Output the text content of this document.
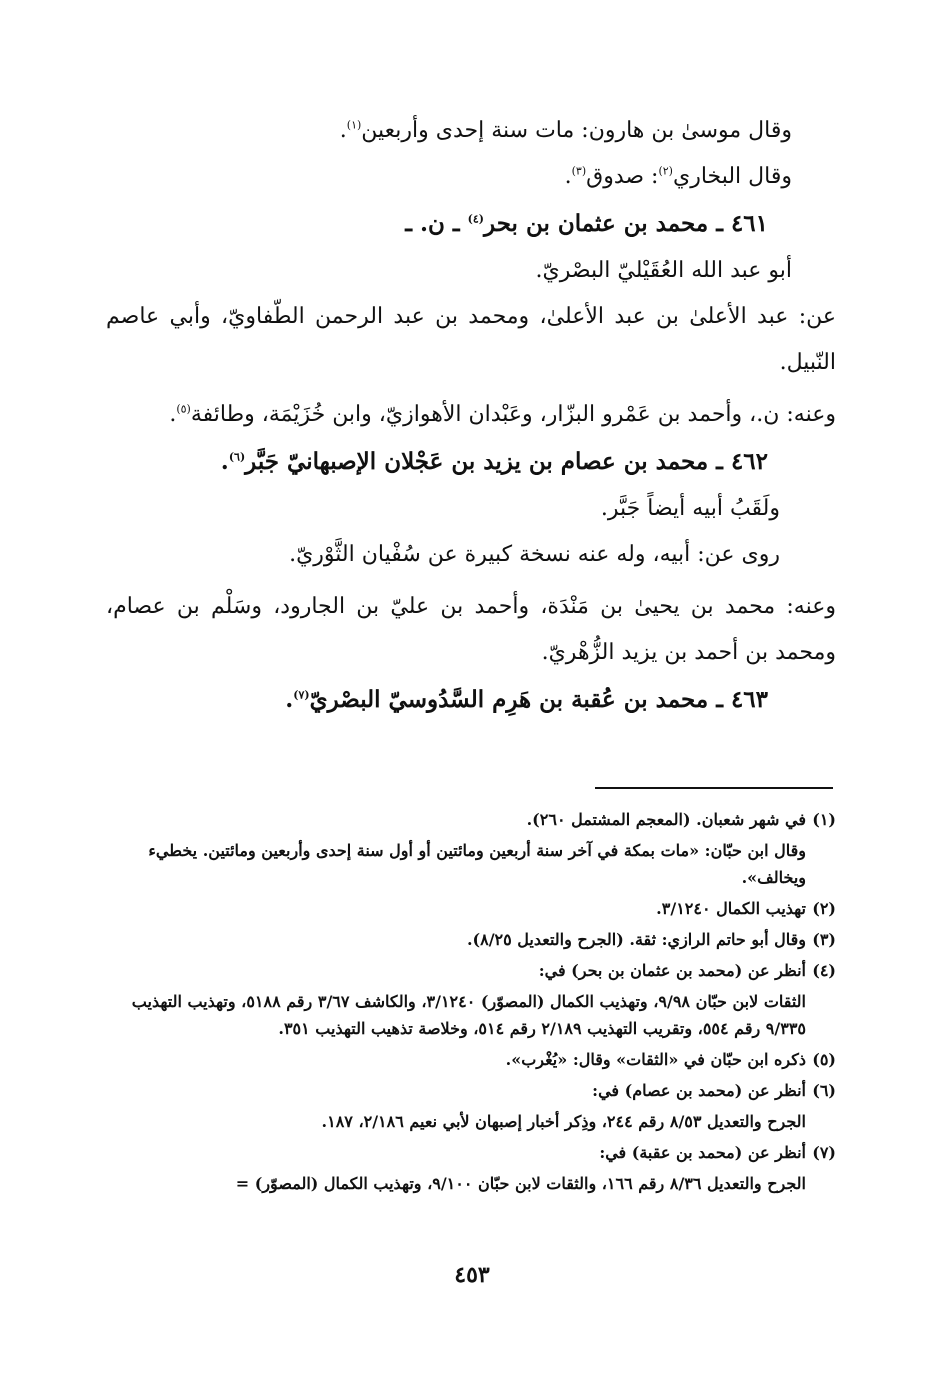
وقال موسىٰ بن هارون: مات سنة إحدى وأربعين$^{(١)}$.

وقال البخاري$^{(٢)}$: صدوق$^{(٣)}$.

٤٦١ ـ محمد بن عثمان بن بحر$^{(٤)}$ ـ ن. ـ

أبو عبد الله العُقَيْليّ البصْريّ.

عن: عبد الأعلىٰ بن عبد الأعلىٰ، ومحمد بن عبد الرحمن الطّفاويّ، وأبي عاصم النّبيل.

وعنه: ن.، وأحمد بن عَمْرو البزّار، وعَبْدان الأهوازيّ، وابن خُزَيْمَة، وطائفة$^{(٥)}$.

٤٦٢ ـ محمد بن عصام بن يزيد بن عَجْلان الإصبهانيّ جَبَّر$^{(٦)}$.

ولَقَبُ أبيه أيضاً جَبَّر.

روى عن: أبيه، وله عنه نسخة كبيرة عن سُفْيان الثَّوْريّ.

وعنه: محمد بن يحيىٰ بن مَنْدَة، وأحمد بن عليّ بن الجارود، وسَلْم بن عصام، ومحمد بن أحمد بن يزيد الزُّهْريّ.

٤٦٣ ـ محمد بن عُقبة بن هَرِم السَّدُوسيّ البصْريّ$^{(٧)}$.

(١)في شهر شعبان. (المعجم المشتمل ٢٦٠).
وقال ابن حبّان: «مات بمكة في آخر سنة أربعين ومائتين أو أول سنة إحدى وأربعين ومائتين. يخطيء ويخالف».
(٢)تهذيب الكمال ٣/١٢٤٠.
(٣)وقال أبو حاتم الرازي: ثقة. (الجرح والتعديل ٨/٢٥).
(٤)أنظر عن (محمد بن عثمان بن بحر) في:
الثقات لابن حبّان ٩/٩٨، وتهذيب الكمال (المصوّر) ٣/١٢٤٠، والكاشف ٣/٦٧ رقم ٥١٨٨، وتهذيب التهذيب ٩/٣٣٥ رقم ٥٥٤، وتقريب التهذيب ٢/١٨٩ رقم ٥١٤، وخلاصة تذهيب التهذيب ٣٥١.
(٥)ذكره ابن حبّان في «الثقات» وقال: «يُغْرب».
(٦)أنظر عن (محمد بن عصام) في:
الجرح والتعديل ٨/٥٣ رقم ٢٤٤، وذِكر أخبار إصبهان لأبي نعيم ٢/١٨٦، ١٨٧.
(٧)أنظر عن (محمد بن عقبة) في:
الجرح والتعديل ٨/٣٦ رقم ١٦٦، والثقات لابن حبّان ٩/١٠٠، وتهذيب الكمال (المصوّر) =
٤٥٣
